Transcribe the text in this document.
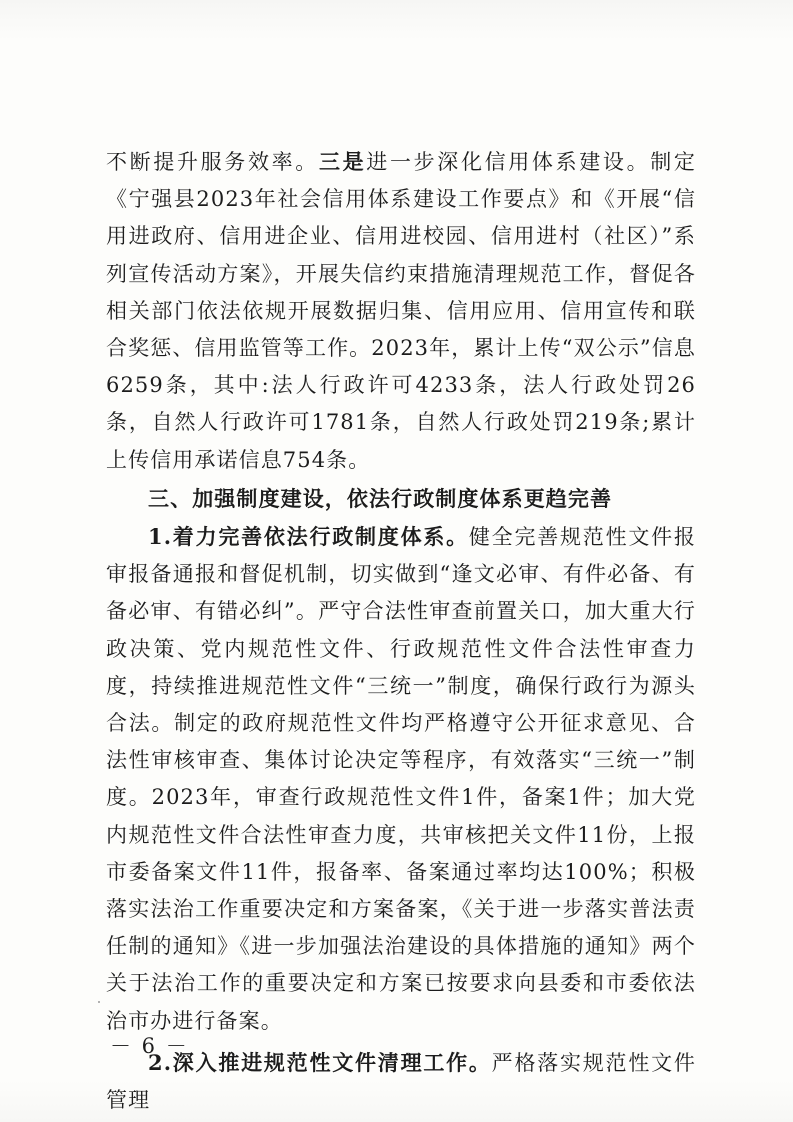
不断提升服务效率。三是进一步深化信用体系建设。制定《宁强县2023年社会信用体系建设工作要点》和《开展“信用进政府、信用进企业、信用进校园、信用进村（社区）”系列宣传活动方案》，开展失信约束措施清理规范工作，督促各相关部门依法依规开展数据归集、信用应用、信用宣传和联合奖惩、信用监管等工作。2023年，累计上传“双公示”信息6259条，其中:法人行政许可4233条，法人行政处罚26条，自然人行政许可1781条，自然人行政处罚219条;累计上传信用承诺信息754条。

三、加强制度建设，依法行政制度体系更趋完善

1.着力完善依法行政制度体系。健全完善规范性文件报审报备通报和督促机制，切实做到“逢文必审、有件必备、有备必审、有错必纠”。严守合法性审查前置关口，加大重大行政决策、党内规范性文件、行政规范性文件合法性审查力度，持续推进规范性文件“三统一”制度，确保行政行为源头合法。制定的政府规范性文件均严格遵守公开征求意见、合法性审核审查、集体讨论决定等程序，有效落实“三统一”制度。2023年，审查行政规范性文件1件，备案1件；加大党内规范性文件合法性审查力度，共审核把关文件11份，上报市委备案文件11件，报备率、备案通过率均达100%；积极落实法治工作重要决定和方案备案，《关于进一步落实普法责任制的通知》《进一步加强法治建设的具体措施的通知》两个关于法治工作的重要决定和方案已按要求向县委和市委依法治市办进行备案。

2.深入推进规范性文件清理工作。严格落实规范性文件管理

－ 6 －
